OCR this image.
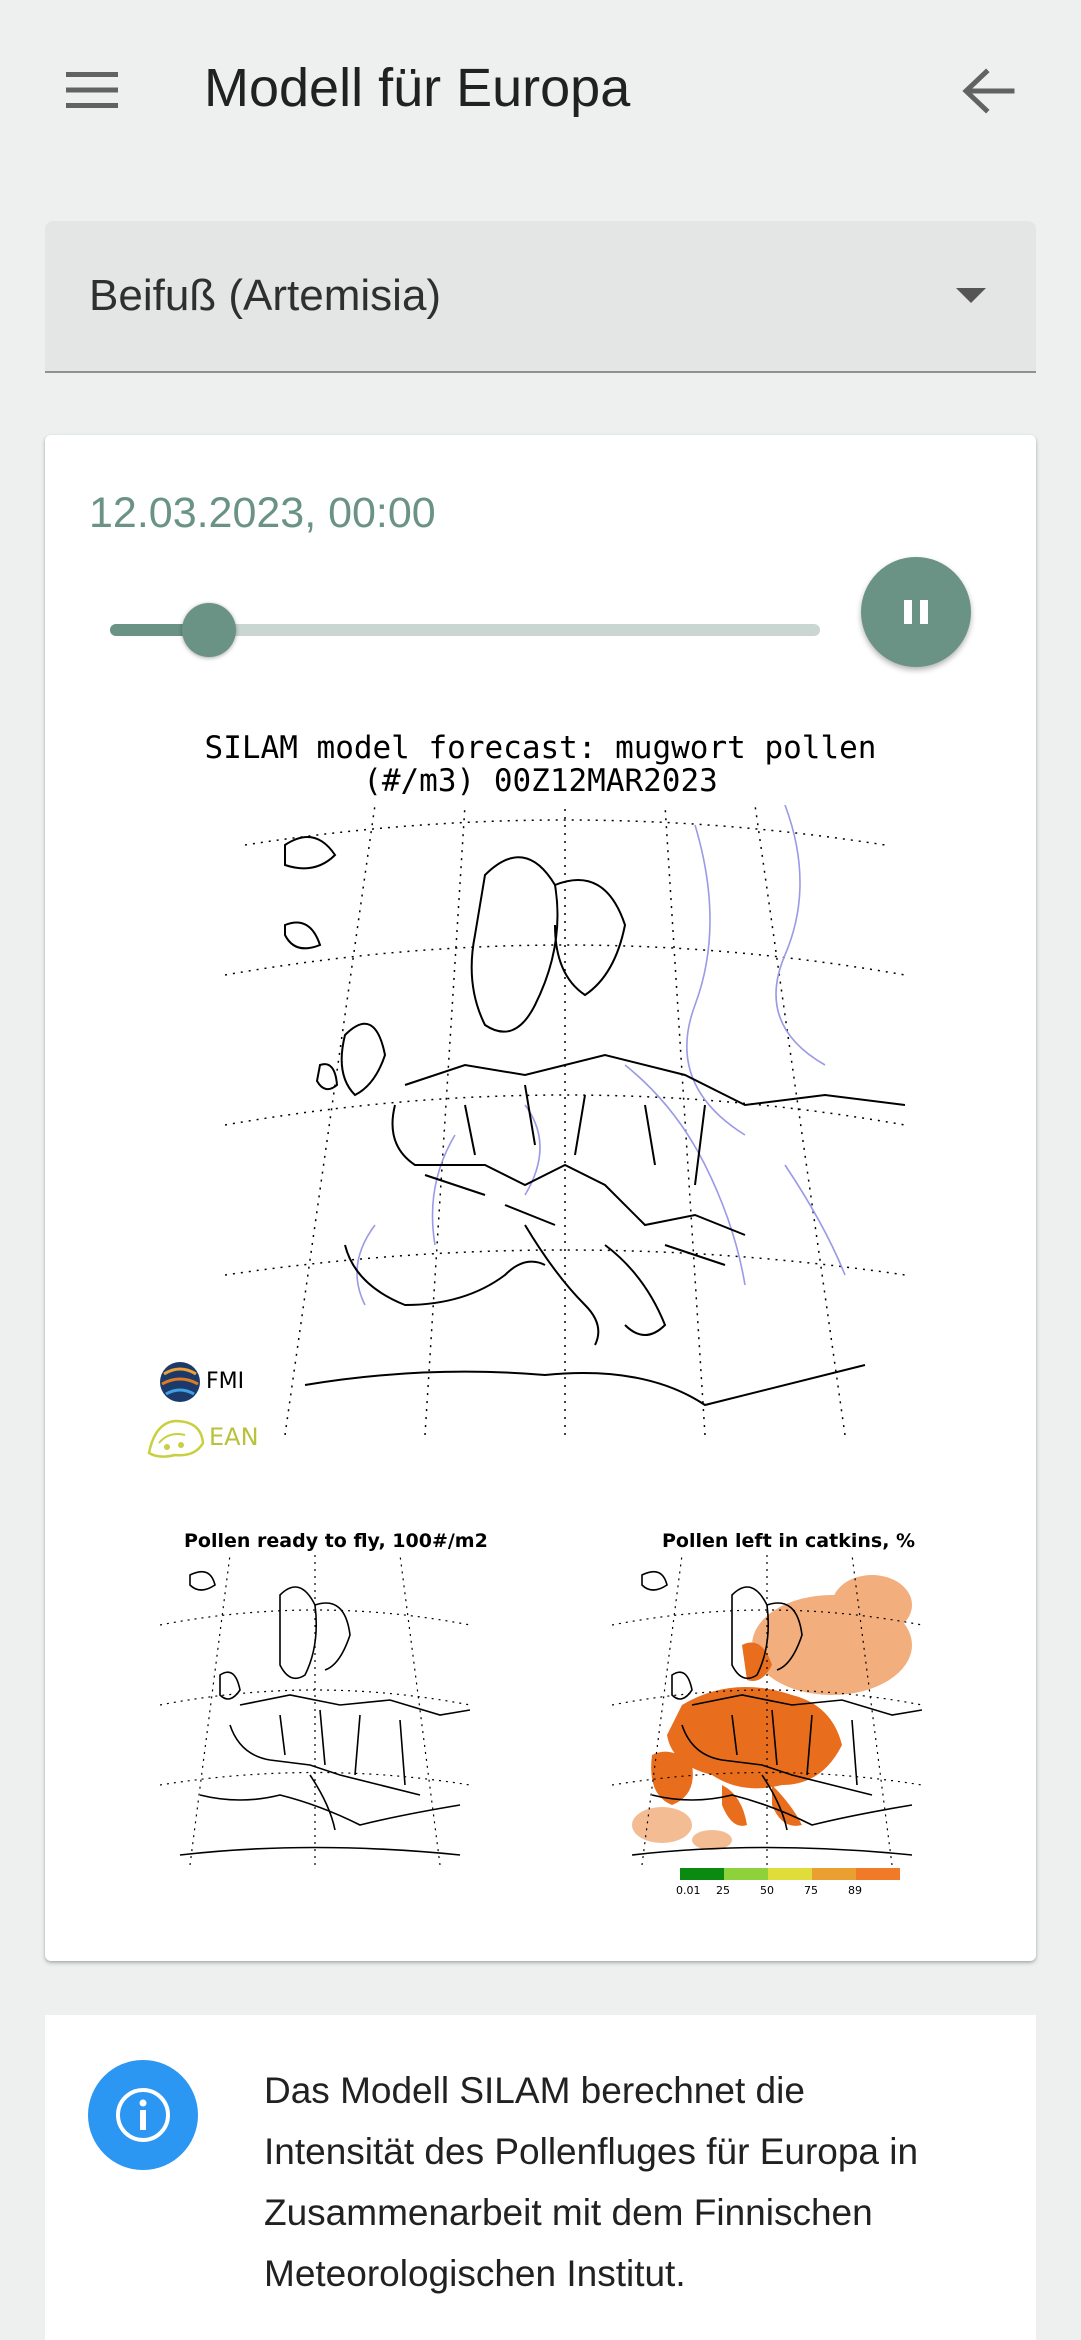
Modell für Europa
Beifuß (Artemisia)
12.03.2023, 00:00
SILAM model forecast: mugwort pollen
(#/m3) 00Z12MAR2023
FMI
EAN
Pollen ready to fly, 100#/m2	Pollen left in catkins, %
0.01 25	50	75	89
Das Modell SILAM berechnet die Intensität des Pollenfluges für Europa in Zusammenarbeit mit dem Finnischen Meteorologischen Institut.
